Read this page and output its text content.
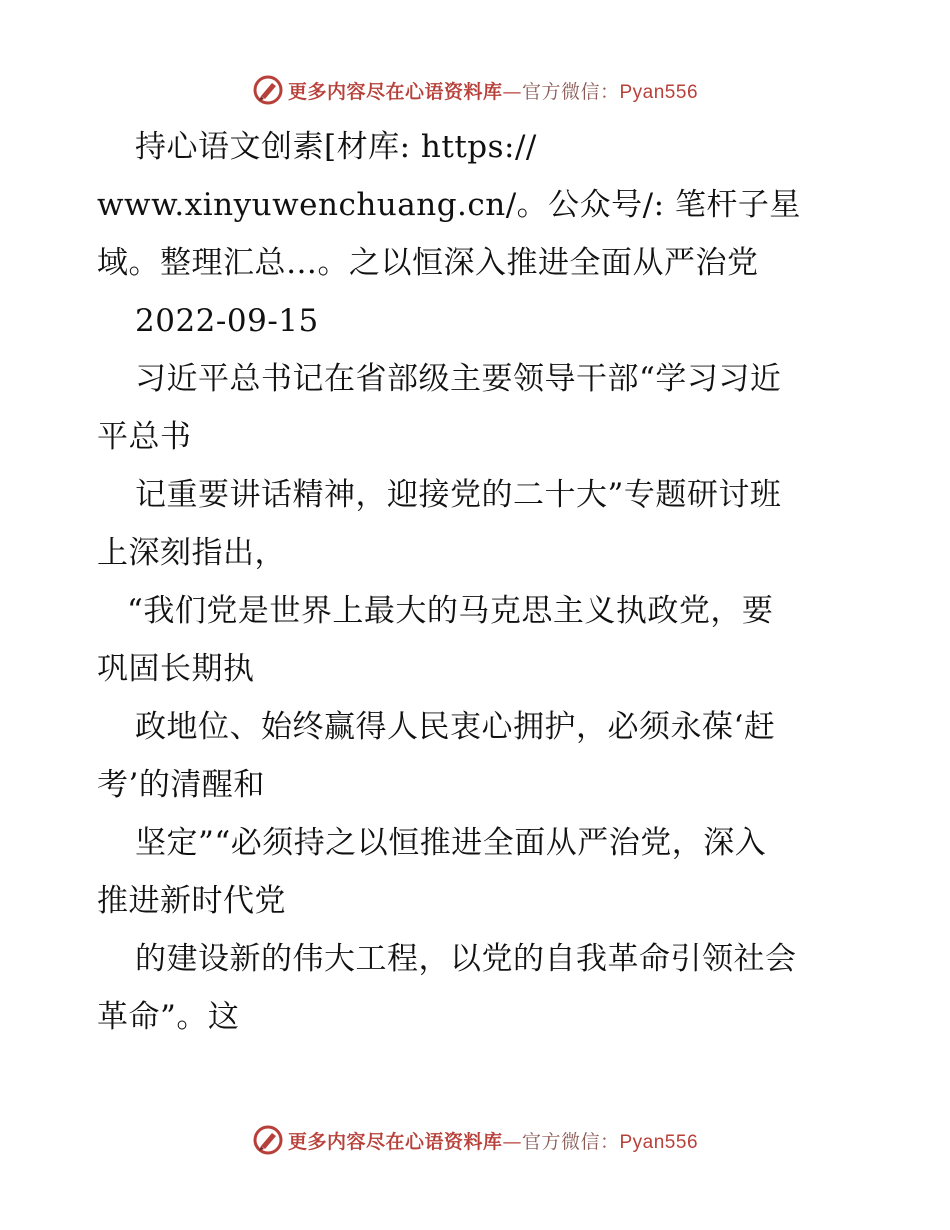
更多内容尽在心语资料库—官方微信：Pyan556
持心语文创素[材库: https://
www.xinyuwenchuang.cn/。公众号/: 笔杆子星
域。整理汇总…。之以恒深入推进全面从严治党
2022-09-15
习近平总书记在省部级主要领导干部“学习习近
平总书
记重要讲话精神，迎接党的二十大”专题研讨班
上深刻指出，
“我们党是世界上最大的马克思主义执政党，要
巩固长期执
政地位、始终赢得人民衷心拥护，必须永葆‘赶
考’的清醒和
坚定”“必须持之以恒推进全面从严治党，深入
推进新时代党
的建设新的伟大工程，以党的自我革命引领社会
革命”。这
更多内容尽在心语资料库—官方微信：Pyan556
